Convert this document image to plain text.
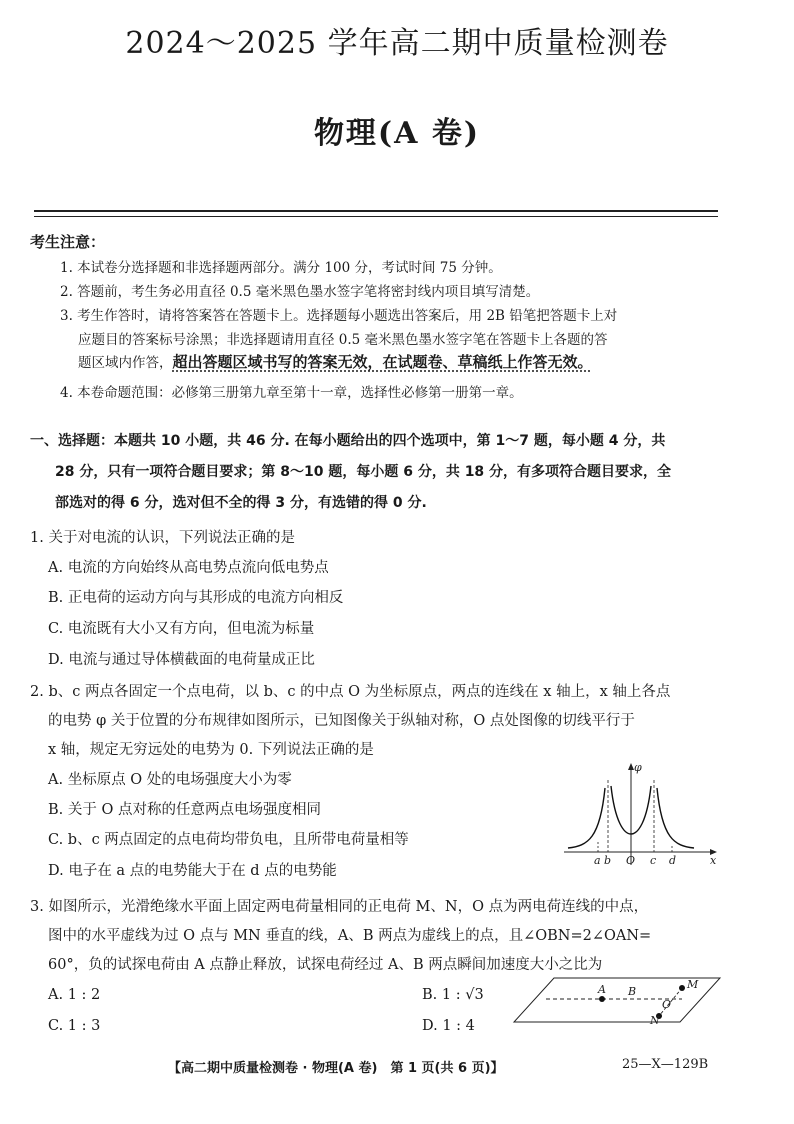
2024～2025 学年高二期中质量检测卷
物理(A 卷)
考生注意：
1. 本试卷分选择题和非选择题两部分。满分 100 分，考试时间 75 分钟。
2. 答题前，考生务必用直径 0.5 毫米黑色墨水签字笔将密封线内项目填写清楚。
3. 考生作答时，请将答案答在答题卡上。选择题每小题选出答案后，用 2B 铅笔把答题卡上对
应题目的答案标号涂黑；非选择题请用直径 0.5 毫米黑色墨水签字笔在答题卡上各题的答
题区域内作答，超出答题区域书写的答案无效，在试题卷、草稿纸上作答无效。
4. 本卷命题范围：必修第三册第九章至第十一章，选择性必修第一册第一章。
一、选择题：本题共 10 小题，共 46 分. 在每小题给出的四个选项中，第 1～7 题，每小题 4 分，共
28 分，只有一项符合题目要求；第 8～10 题，每小题 6 分，共 18 分，有多项符合题目要求，全
部选对的得 6 分，选对但不全的得 3 分，有选错的得 0 分.
1. 关于对电流的认识，下列说法正确的是
A. 电流的方向始终从高电势点流向低电势点
B. 正电荷的运动方向与其形成的电流方向相反
C. 电流既有大小又有方向，但电流为标量
D. 电流与通过导体横截面的电荷量成正比
2. b、c 两点各固定一个点电荷，以 b、c 的中点 O 为坐标原点，两点的连线在 x 轴上，x 轴上各点
的电势 φ 关于位置的分布规律如图所示，已知图像关于纵轴对称，O 点处图像的切线平行于
x 轴，规定无穷远处的电势为 0. 下列说法正确的是
A. 坐标原点 O 处的电场强度大小为零
B. 关于 O 点对称的任意两点电场强度相同
C. b、c 两点固定的点电荷均带负电，且所带电荷量相等
D. 电子在 a 点的电势能大于在 d 点的电势能
φ
x
a b O c d
3. 如图所示，光滑绝缘水平面上固定两电荷量相同的正电荷 M、N，O 点为两电荷连线的中点，
图中的水平虚线为过 O 点与 MN 垂直的线，A、B 两点为虚线上的点，且∠OBN=2∠OAN=
60°，负的试探电荷由 A 点静止释放，试探电荷经过 A、B 两点瞬间加速度大小之比为
A. 1 : 2	B. 1 : √3
C. 1 : 3	D. 1 : 4
A B
M
O
N
【高二期中质量检测卷 · 物理(A 卷)　第 1 页(共 6 页)】	25—X—129B
